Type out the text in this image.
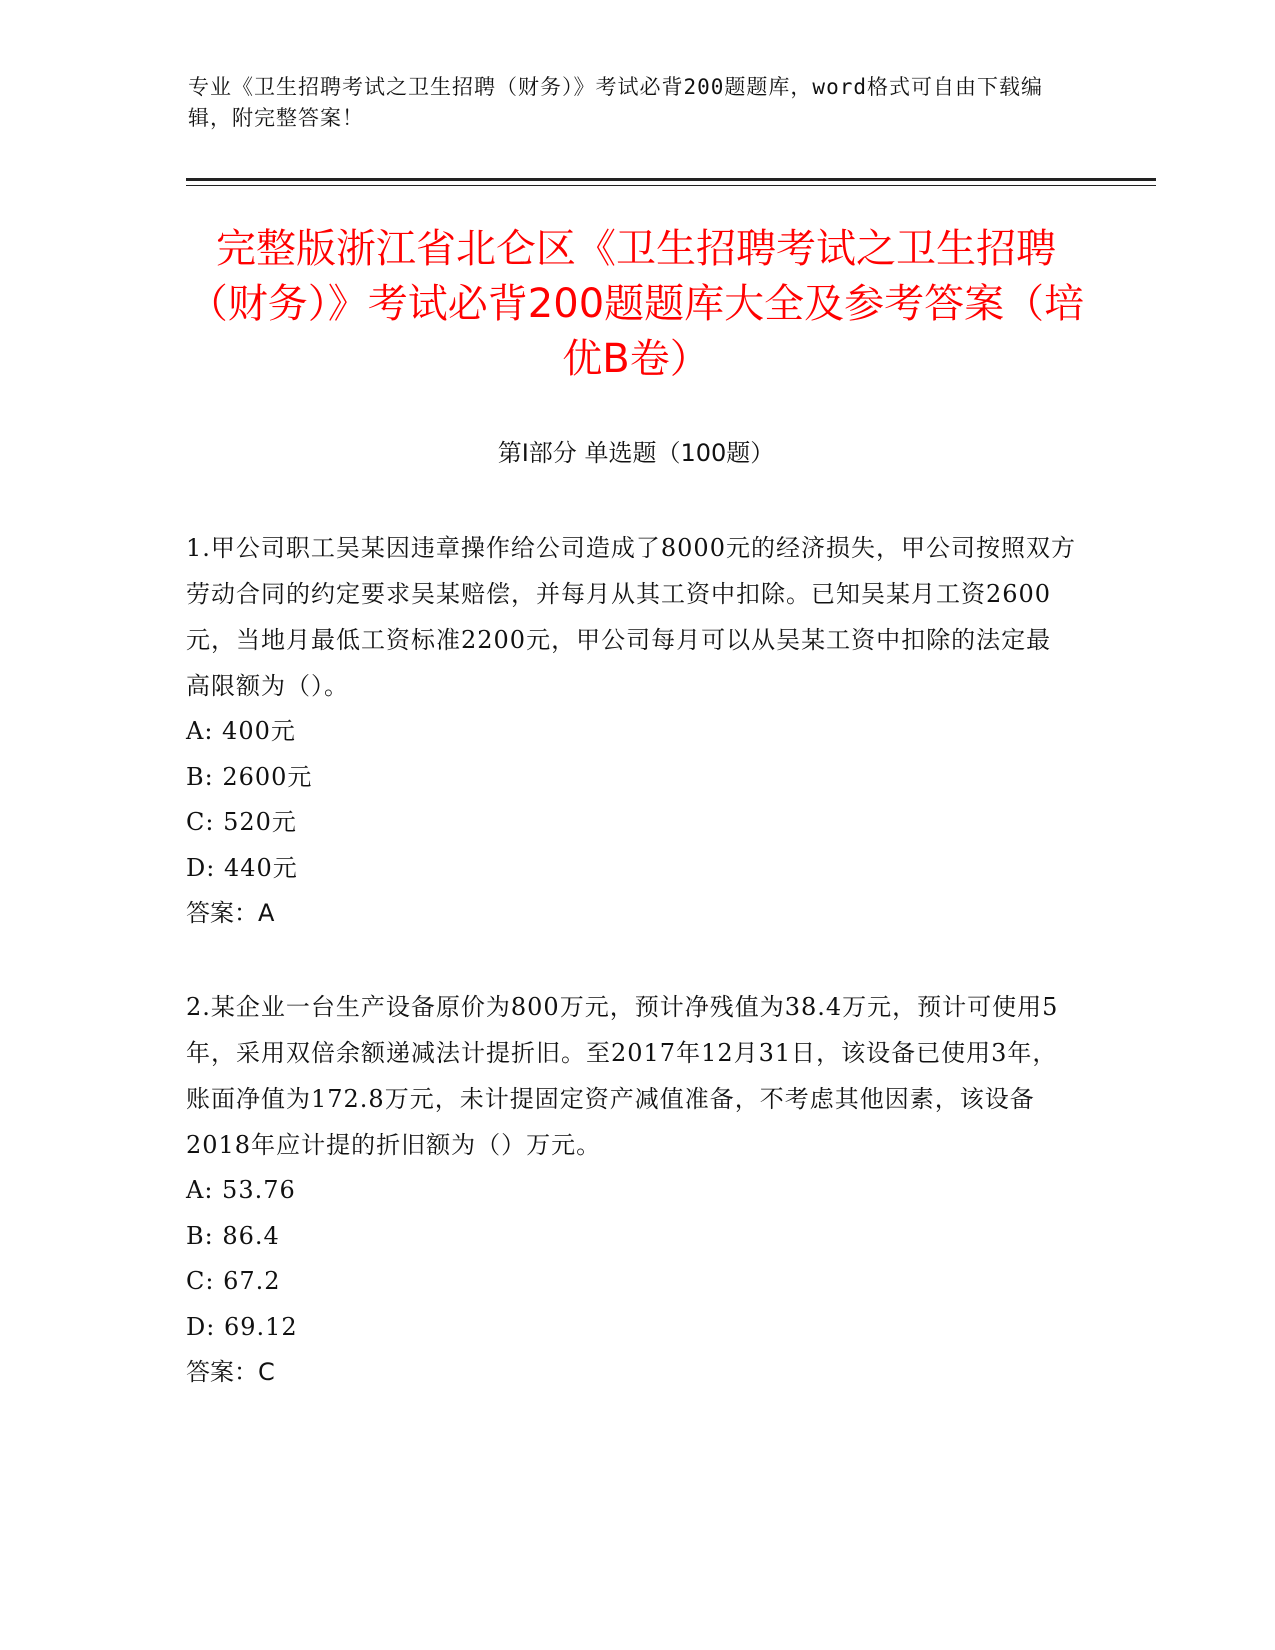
专业《卫生招聘考试之卫生招聘（财务）》考试必背200题题库，word格式可自由下载编辑，附完整答案！
完整版浙江省北仑区《卫生招聘考试之卫生招聘（财务）》考试必背200题题库大全及参考答案（培优B卷）
第I部分 单选题（100题）

1.甲公司职工吴某因违章操作给公司造成了8000元的经济损失，甲公司按照双方劳动合同的约定要求吴某赔偿，并每月从其工资中扣除。已知吴某月工资2600元，当地月最低工资标准2200元，甲公司每月可以从吴某工资中扣除的法定最高限额为（）。

A: 400元

B: 2600元

C: 520元

D: 440元

答案：A

2.某企业一台生产设备原价为800万元，预计净残值为38.4万元，预计可使用5年，采用双倍余额递减法计提折旧。至2017年12月31日，该设备已使用3年，账面净值为172.8万元，未计提固定资产减值准备，不考虑其他因素，该设备2018年应计提的折旧额为（）万元。

A: 53.76

B: 86.4

C: 67.2

D: 69.12

答案：C
